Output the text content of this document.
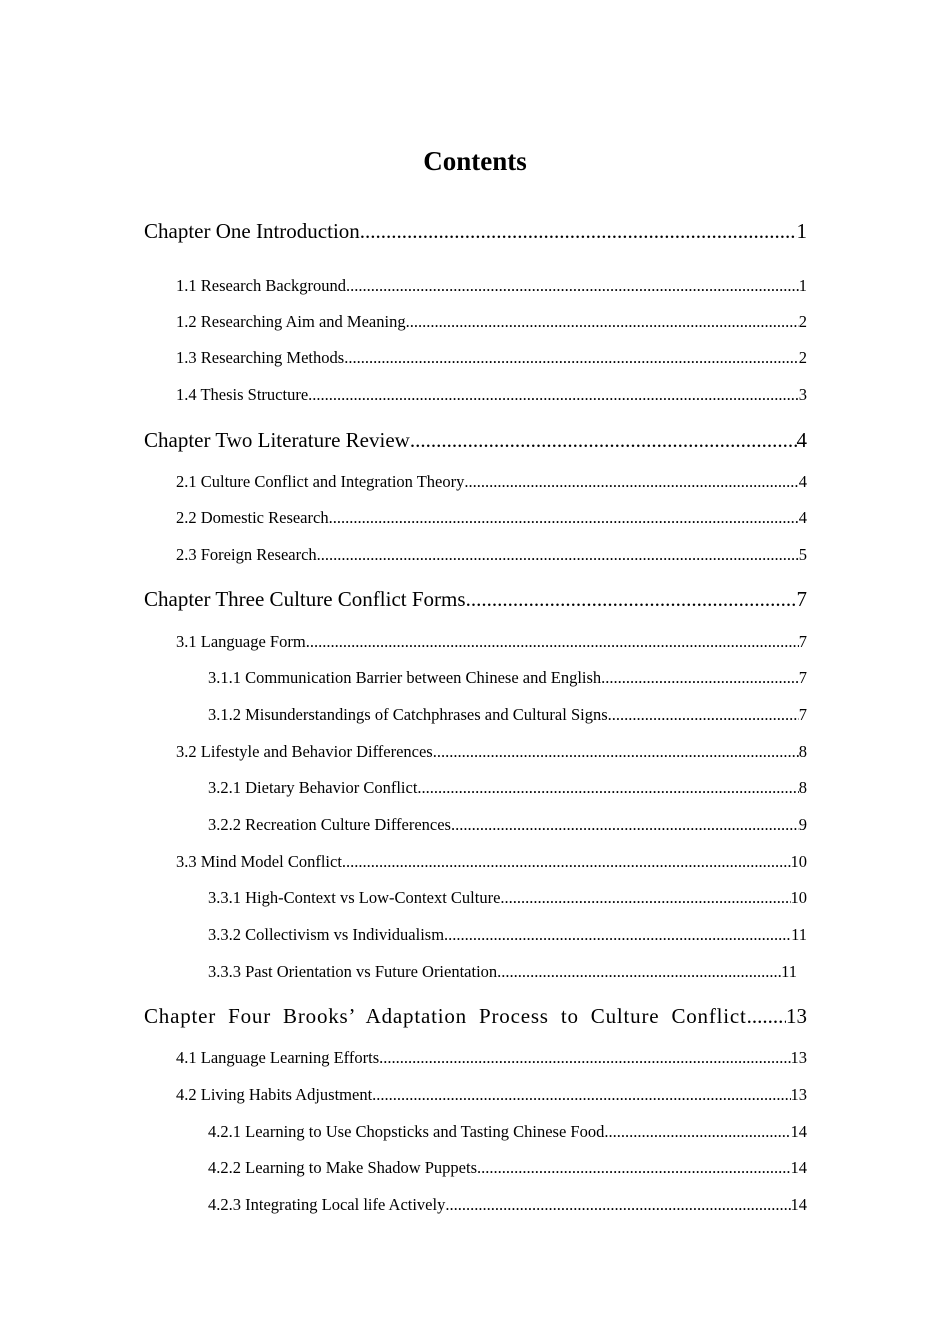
Contents
Chapter One Introduction .....	1
1.1 Research Background .....	1
1.2 Researching Aim and Meaning .....	2
1.3 Researching Methods .....	2
1.4 Thesis Structure .....	3
Chapter Two Literature Review .....	4
2.1 Culture Conflict and Integration Theory .....	4
2.2 Domestic Research .....	4
2.3 Foreign Research .....	5
Chapter Three Culture Conflict Forms .....	7
3.1 Language Form .....	7
3.1.1 Communication Barrier between Chinese and English .....	7
3.1.2 Misunderstandings of Catchphrases and Cultural Signs .....	7
3.2 Lifestyle and Behavior Differences .....	8
3.2.1 Dietary Behavior Conflict .....	8
3.2.2 Recreation Culture Differences .....	9
3.3 Mind Model Conflict .....	10
3.3.1 High-Context vs Low-Context Culture .....	10
3.3.2 Collectivism vs Individualism .....	11
3.3.3 Past Orientation vs Future Orientation .....	11
Chapter Four Brooks’ Adaptation Process to Culture Conflict ..... 13
4.1 Language Learning Efforts .....	13
4.2 Living Habits Adjustment .....	13
4.2.1 Learning to Use Chopsticks and Tasting Chinese Food .....	14
4.2.2 Learning to Make Shadow Puppets .....	14
4.2.3 Integrating Local life Actively .....	14
